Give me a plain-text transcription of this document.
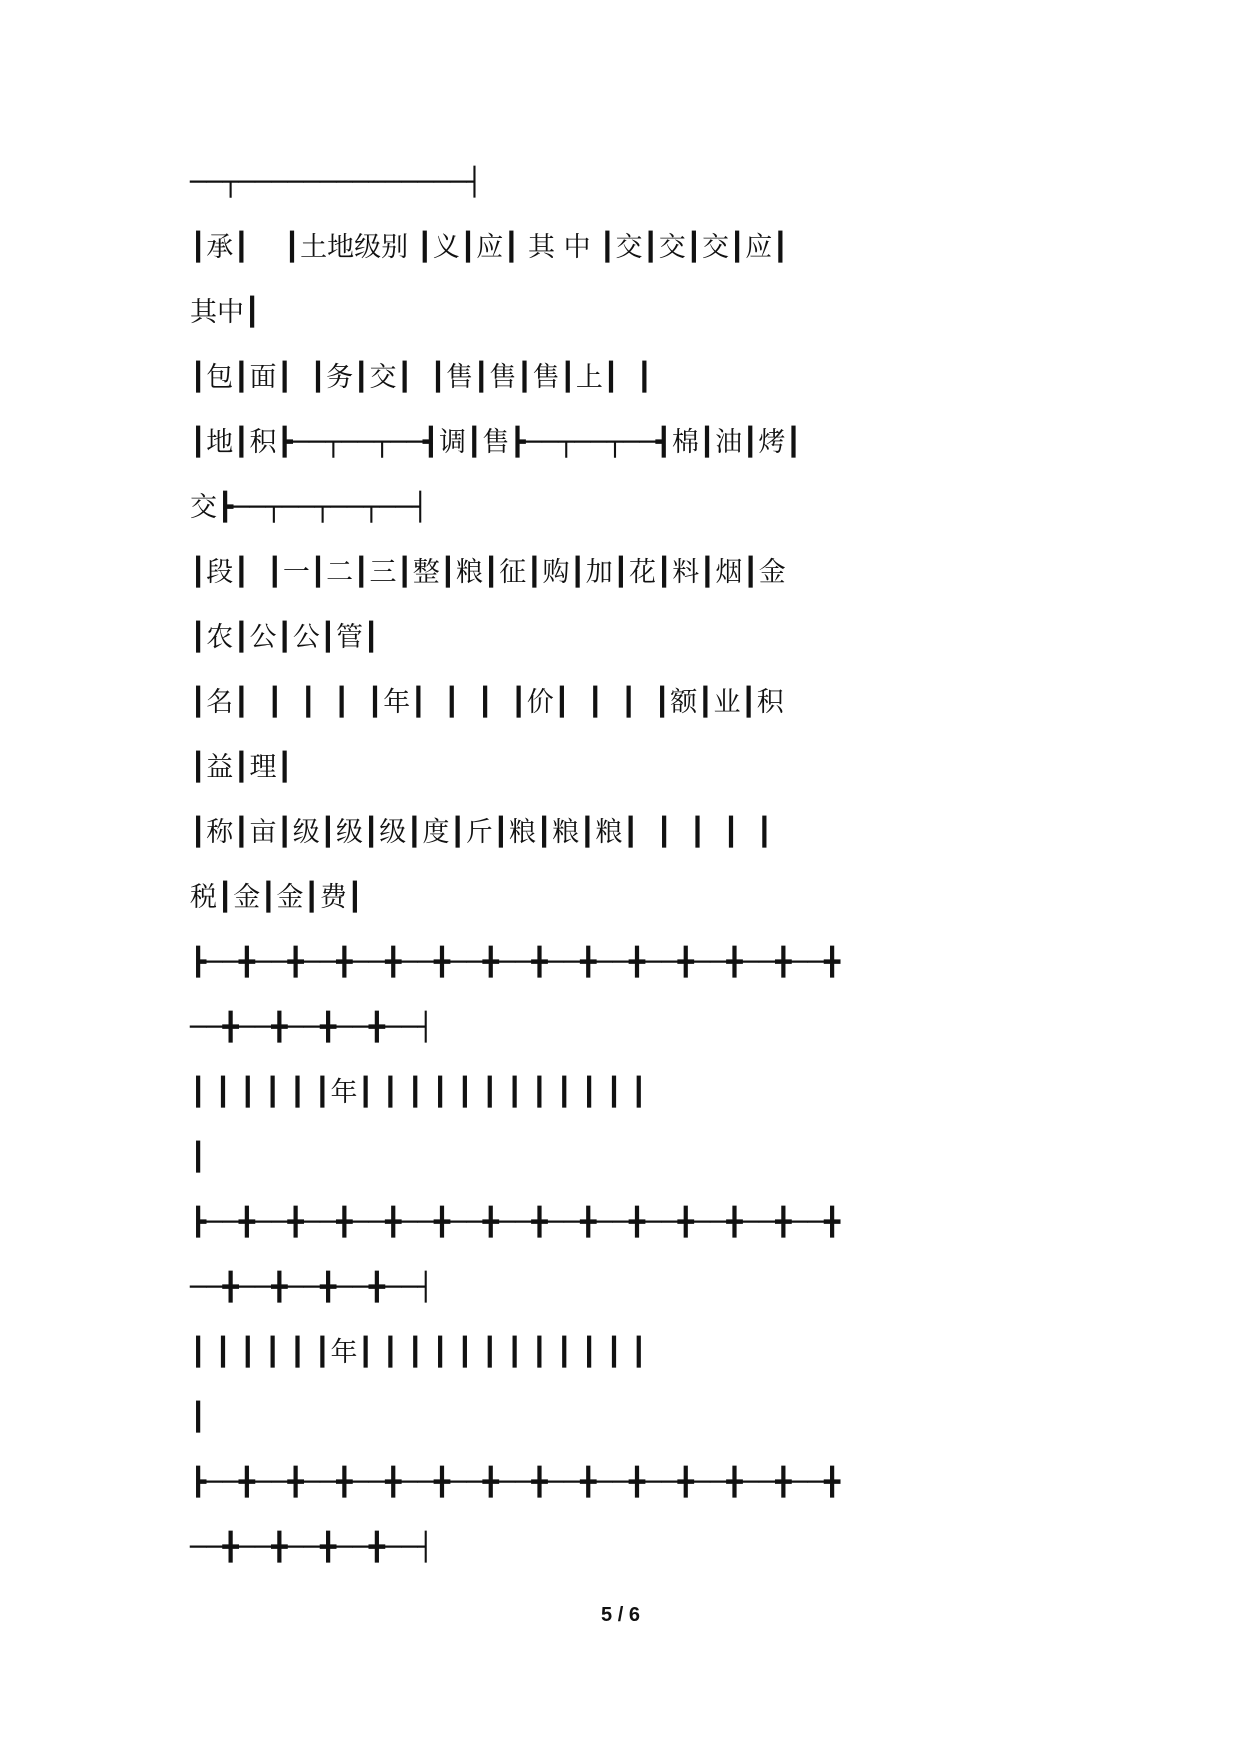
──┬──────────────┤
┃承┃    ┃土地级别 ┃义┃应┃ 其 中 ┃交┃交┃交┃应┃
其中┃
┃包┃面┃  ┃务┃交┃  ┃售┃售┃售┃上┃  ┃
┃地┃积┣──┬──┬──┫调┃售┣──┬──┬──┫棉┃油┃烤┃
交┣──┬──┬──┬──┤
┃段┃  ┃一┃二┃三┃整┃粮┃征┃购┃加┃花┃料┃烟┃金
┃农┃公┃公┃管┃
┃名┃  ┃  ┃  ┃  ┃年┃  ┃  ┃  ┃价┃  ┃  ┃  ┃额┃业┃积
┃益┃理┃
┃称┃亩┃级┃级┃级┃度┃斤┃粮┃粮┃粮┃  ┃  ┃  ┃  ┃
税┃金┃金┃费┃
┣──╋──╋──╋──╋──╋──╋──╋──╋──╋──╋──╋──╋──╋
──╋──╋──╋──╋──┤
┃ ┃ ┃ ┃ ┃ ┃年┃ ┃ ┃ ┃ ┃ ┃ ┃ ┃ ┃ ┃ ┃ ┃
┃
┣──╋──╋──╋──╋──╋──╋──╋──╋──╋──╋──╋──╋──╋
──╋──╋──╋──╋──┤
┃ ┃ ┃ ┃ ┃ ┃年┃ ┃ ┃ ┃ ┃ ┃ ┃ ┃ ┃ ┃ ┃ ┃
┃
┣──╋──╋──╋──╋──╋──╋──╋──╋──╋──╋──╋──╋──╋
──╋──╋──╋──╋──┤
5 / 6
